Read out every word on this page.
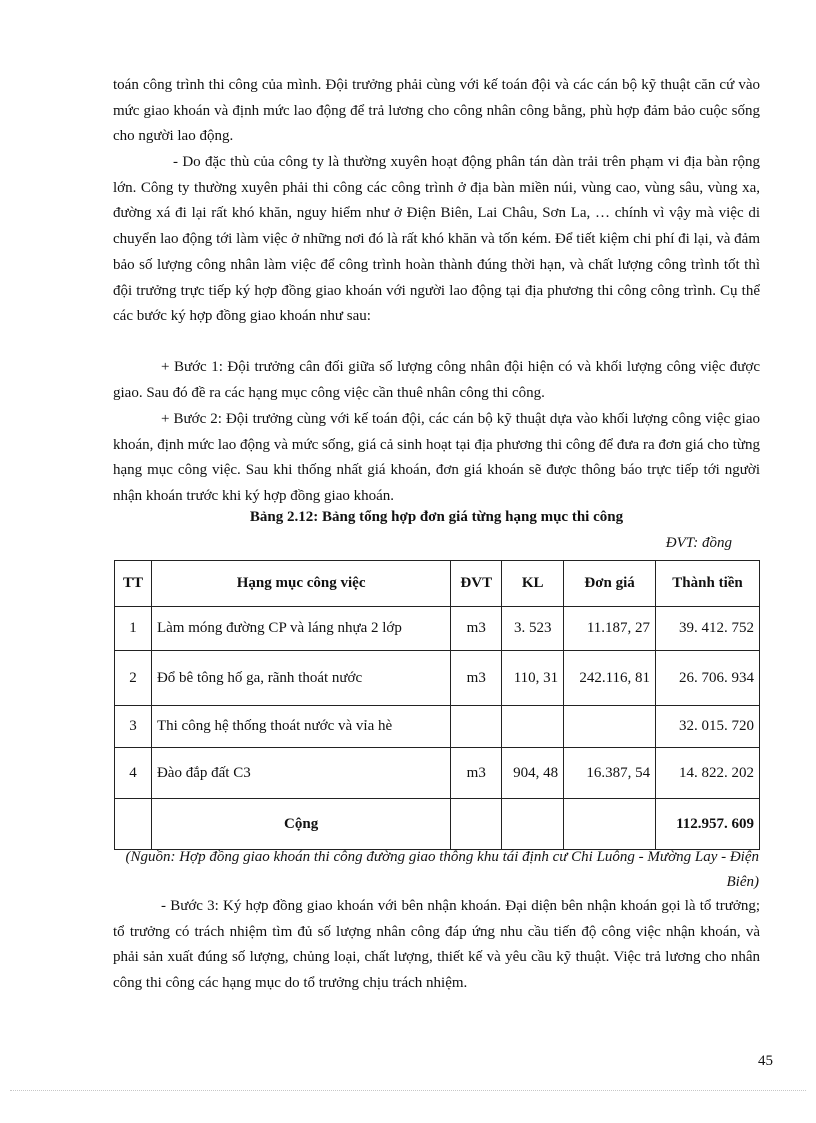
toán công trình thi công của mình. Đội trưởng phải cùng với kế toán đội và các cán bộ kỹ thuật căn cứ vào mức giao khoán và định mức lao động để trả lương cho công nhân công bằng, phù hợp đảm bảo cuộc sống cho người lao động.

- Do đặc thù của công ty là thường xuyên hoạt động phân tán dàn trải trên phạm vi địa bàn rộng lớn. Công ty thường xuyên phải thi công các công trình ở địa bàn miền núi, vùng cao, vùng sâu, vùng xa, đường xá đi lại rất khó khăn, nguy hiểm như ở Điện Biên, Lai Châu, Sơn La, … chính vì vậy mà việc di chuyển lao động tới làm việc ở những nơi đó là rất khó khăn và tốn kém. Để tiết kiệm chi phí đi lại, và đảm bảo số lượng công nhân làm việc để công trình hoàn thành đúng thời hạn, và chất lượng công trình tốt thì đội trưởng trực tiếp ký hợp đồng giao khoán với người lao động tại địa phương thi công công trình. Cụ thể các bước ký hợp đồng giao khoán như sau:

+ Bước 1: Đội trưởng cân đối giữa số lượng công nhân đội hiện có và khối lượng công việc được giao. Sau đó đề ra các hạng mục công việc cần thuê nhân công thi công.

+ Bước 2: Đội trưởng cùng với kế toán đội, các cán bộ kỹ thuật dựa vào khối lượng công việc giao khoán, định mức lao động và mức sống, giá cả sinh hoạt tại địa phương thi công để đưa ra đơn giá cho từng hạng mục công việc. Sau khi thống nhất giá khoán, đơn giá khoán sẽ được thông báo trực tiếp tới người nhận khoán trước khi ký hợp đồng giao khoán.

Bảng 2.12: Bảng tổng hợp đơn giá từng hạng mục thi công
ĐVT: đồng
TT	Hạng mục công việc	ĐVT	KL	Đơn giá	Thành tiền
1	Làm móng đường CP và láng nhựa 2 lớp	m3	3. 523	11.187, 27	39. 412. 752
2	Đổ bê tông hố ga, rãnh thoát nước	m3	110, 31	242.116, 81	26. 706. 934
3	Thi công hệ thống thoát nước và vỉa hè				32. 015. 720
4	Đào đắp đất C3	m3	904, 48	16.387, 54	14. 822. 202
	Cộng				112.957. 609
(Nguồn: Hợp đồng giao khoán thi công đường giao thông khu tái định cư Chi Luông - Mường Lay - Điện Biên)

- Bước 3: Ký hợp đồng giao khoán với bên nhận khoán. Đại diện bên nhận khoán gọi là tổ trưởng; tổ trưởng có trách nhiệm tìm đủ số lượng nhân công đáp ứng nhu cầu tiến độ công việc nhận khoán, và phải sản xuất đúng số lượng, chủng loại, chất lượng, thiết kế và yêu cầu kỹ thuật. Việc trả lương cho nhân công thi công các hạng mục do tổ trưởng chịu trách nhiệm.

45
